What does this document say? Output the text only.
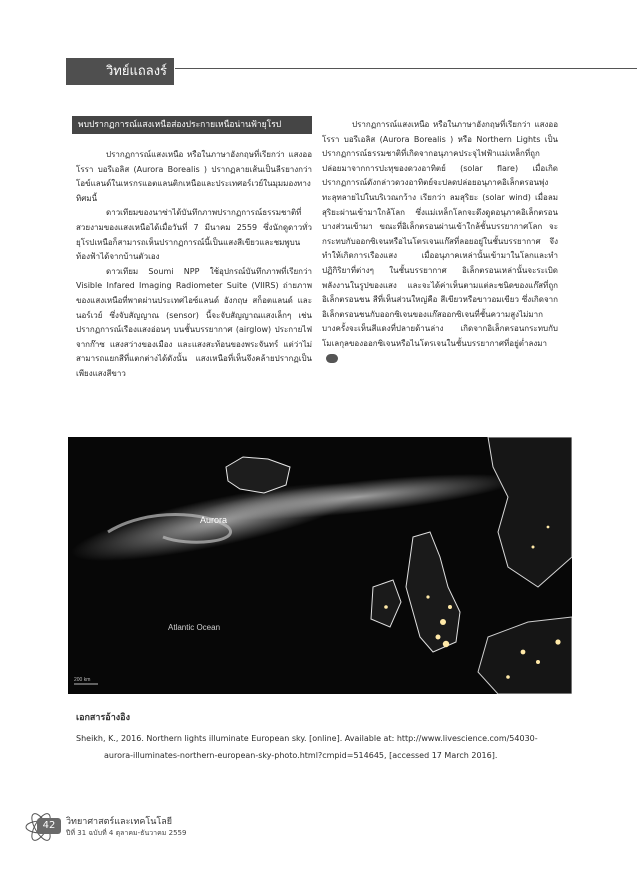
วิทย์แถลงร์
พบปรากฏการณ์แสงเหนือส่องประกายเหนือน่านฟ้ายุโรป

ปรากฏการณ์แสงเหนือ หรือในภาษาอังกฤษที่เรียกว่า แสงออโรรา บอรีเอลิส (Aurora Borealis ) ปรากฏลายเส้นเป็นลีรยางกว่าโอข์แลนด์ในเหรกรแอตแลนติกเหนือและประเทศอร์เวย์ในมุมมองทางทิศมนี้

ดาวเทียมของนาซ่าได้บันทึกภาพปรากฏการณ์ธรรมชาติที่สวยงามของแสงเหนือได้เมื่อวันที่ 7 มีนาคม 2559 ซึ่งนักดูดาวทั่วยุโรปเหนือก็สามารถเห็นปรากฏการณ์นี้เป็นแสงสีเขียวและชมพูบนท้องฟ้าได้จากบ้านตัวเอง

ดาวเทียม Soumi NPP ใช้อุปกรณ์บันทึกภาพที่เรียกว่า Visible Infared Imaging Radiometer Suite (VIIRS) ถ่ายภาพของแสงเหนือที่พาดผ่านประเทศไอซ์แลนด์ อังกฤษ สก็อตแลนด์ และนอร์เวย์ ซึ่งจับสัญญาณ (sensor) นี้จะจับสัญญาณแสงเล็กๆ เช่น ปรากฏการณ์เรืองแสงอ่อนๆ บนชั้นบรรยากาศ (airglow) ประกายไฟจากก๊าซ แสงสว่างของเมือง และแสงสะท้อนของพระจันทร์ แต่ว่าไม่สามารถแยกสีที่แตกต่างได้ดังนั้น แสงเหนือที่เห็นจึงคล้ายปรากฏเป็นเพียงแสงสีขาว

ปรากฏการณ์แสงเหนือ หรือในภาษาอังกฤษที่เรียกว่า แสงออโรรา บอรีเอลิส (Aurora Borealis ) หรือ Northern Lights เป็นปรากฏการณ์ธรรมชาติที่เกิดจากอนุภาคประจุไฟฟ้าแม่เหล็กที่ถูกปล่อยมาจากการปะทุของดวงอาทิตย์ (solar flare) เมื่อเกิดปรากฏการณ์ดังกล่าวดวงอาทิตย์จะปลดปล่อยอนุภาคอิเล็กตรอนพุ่งทะลุทลายไปในบริเวณกว้าง เรียกว่า ลมสุริยะ (solar wind) เมื่อลมสุริยะผ่านเข้ามาใกล้โลก ซึ่งแม่เหล็กโลกจะดึงดูดอนุภาคอิเล็กตรอนบางส่วนเข้ามา ขณะที่อิเล็กตรอนผ่านเข้าใกล้ชั้นบรรยากาศโลก จะกระทบกับออกซิเจนหรือไนโตรเจนแก๊สที่ลอยอยู่ในชั้นบรรยากาศ จึงทำให้เกิดการเรืองแสง เมื่ออนุภาคเหล่านั้นเข้ามาในโลกและทำปฏิกิริยาที่ต่างๆ ในชั้นบรรยากาศ อิเล็กตรอนเหล่านั้นจะระเบิดพลังงานในรูปของแสง และจะได้ค่าเห็นตามแต่ละชนิดของแก๊สที่ถูกอิเล็กตรอนชน สีที่เห็นส่วนใหญ่คือ สีเขียวหรือขาวอมเขียว ซึ่งเกิดจากอิเล็กตรอนชนกับออกซิเจนของแก๊สออกซิเจนที่ชั้นความสูงไม่มาก บางครั้งจะเห็นสีแดงที่ปลายด้านล่าง เกิดจากอิเล็กตรอนกระทบกับโมเลกุลของออกซิเจนหรือไนโตรเจนในชั้นบรรยากาศที่อยู่ต่ำลงมา

Aurora
Atlantic Ocean
200 km
เอกสารอ้างอิง
Sheikh, K., 2016. Northern lights illuminate European sky. [online]. Available at: http://www.livescience.com/54030-aurora-illuminates-northern-european-sky-photo.html?cmpid=514645, [accessed 17 March 2016].
42	วิทยาศาสตร์และเทคโนโลยี
ปีที่ 31 ฉบับที่ 4 ตุลาคม-ธันวาคม 2559
